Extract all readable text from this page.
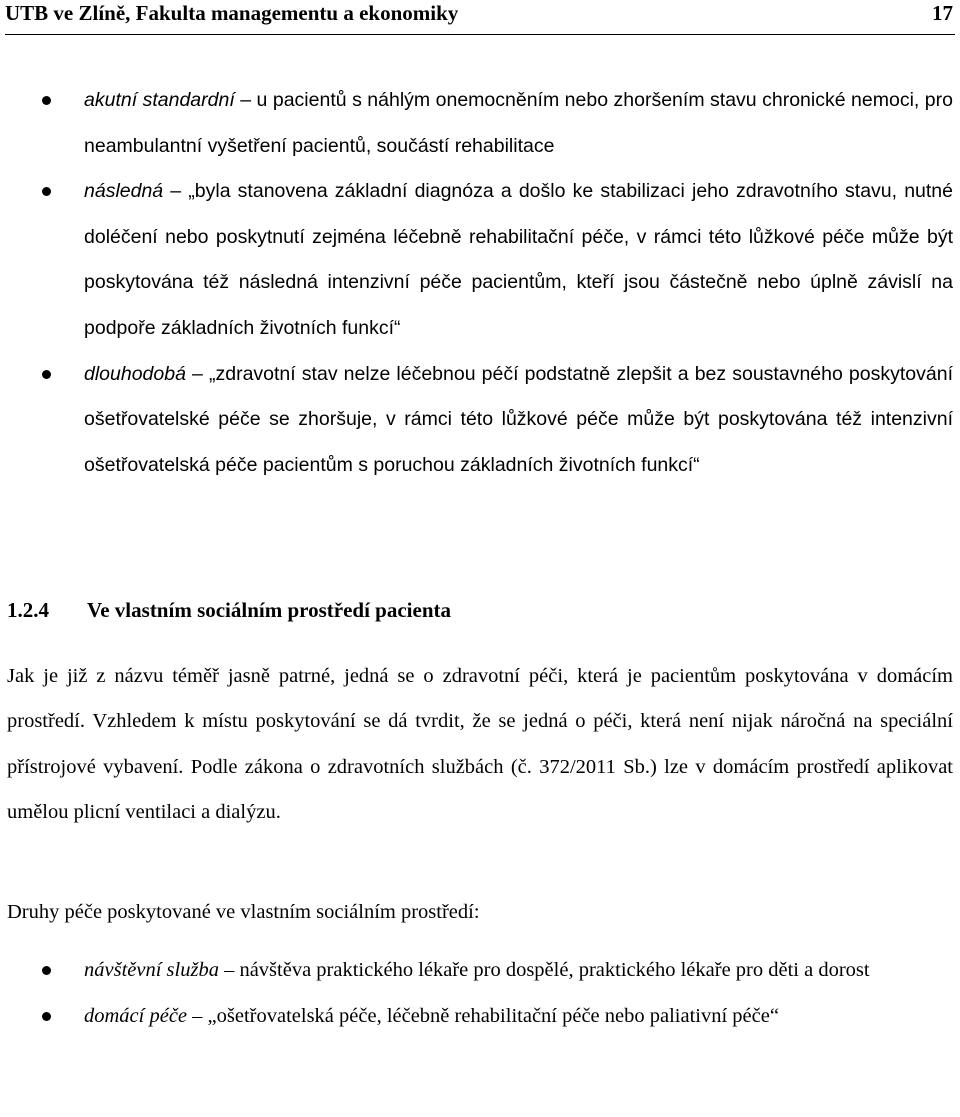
UTB ve Zlíně, Fakulta managementu a ekonomiky	17
akutní standardní – u pacientů s náhlým onemocněním nebo zhoršením stavu chronické nemoci, pro neambulantní vyšetření pacientů, součástí rehabilitace
následná – „byla stanovena základní diagnóza a došlo ke stabilizaci jeho zdravotního stavu, nutné doléčení nebo poskytnutí zejména léčebně rehabilitační péče, v rámci této lůžkové péče může být poskytována též následná intenzivní péče pacientům, kteří jsou částečně nebo úplně závislí na podpoře základních životních funkcí“
dlouhodobá – „zdravotní stav nelze léčebnou péčí podstatně zlepšit a bez soustavného poskytování ošetřovatelské péče se zhoršuje, v rámci této lůžkové péče může být poskytována též intenzivní ošetřovatelská péče pacientům s poruchou základních životních funkcí“
1.2.4 Ve vlastním sociálním prostředí pacienta
Jak je již z názvu téměř jasně patrné, jedná se o zdravotní péči, která je pacientům poskytována v domácím prostředí. Vzhledem k místu poskytování se dá tvrdit, že se jedná o péči, která není nijak náročná na speciální přístrojové vybavení. Podle zákona o zdravotních službách (č. 372/2011 Sb.) lze v domácím prostředí aplikovat umělou plicní ventilaci a dialýzu.
Druhy péče poskytované ve vlastním sociálním prostředí:
návštěvní služba – návštěva praktického lékaře pro dospělé, praktického lékaře pro děti a dorost
domácí péče – „ošetřovatelská péče, léčebně rehabilitační péče nebo paliativní péče“
